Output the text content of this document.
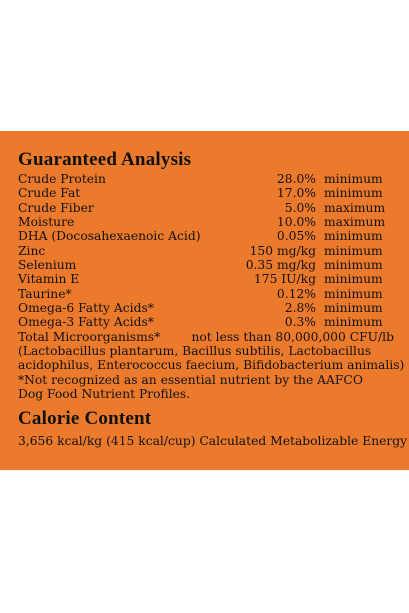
Guaranteed Analysis
Crude Protein	28.0% minimum
Crude Fat	17.0% minimum
Crude Fiber	5.0% maximum
Moisture	10.0% maximum
DHA (Docosahexaenoic Acid)	0.05% minimum
Zinc	150 mg/kg minimum
Selenium	0.35 mg/kg minimum
Vitamin E	175 IU/kg minimum
Taurine*	0.12% minimum
Omega-6 Fatty Acids*	2.8% minimum
Omega-3 Fatty Acids*	0.3% minimum
Total Microorganisms*	not less than 80,000,000 CFU/lb
(Lactobacillus plantarum, Bacillus subtilis, Lactobacillus
acidophilus, Enterococcus faecium, Bifidobacterium animalis)
*Not recognized as an essential nutrient by the AAFCO
Dog Food Nutrient Profiles.
Calorie Content
3,656 kcal/kg (415 kcal/cup) Calculated Metabolizable Energy
